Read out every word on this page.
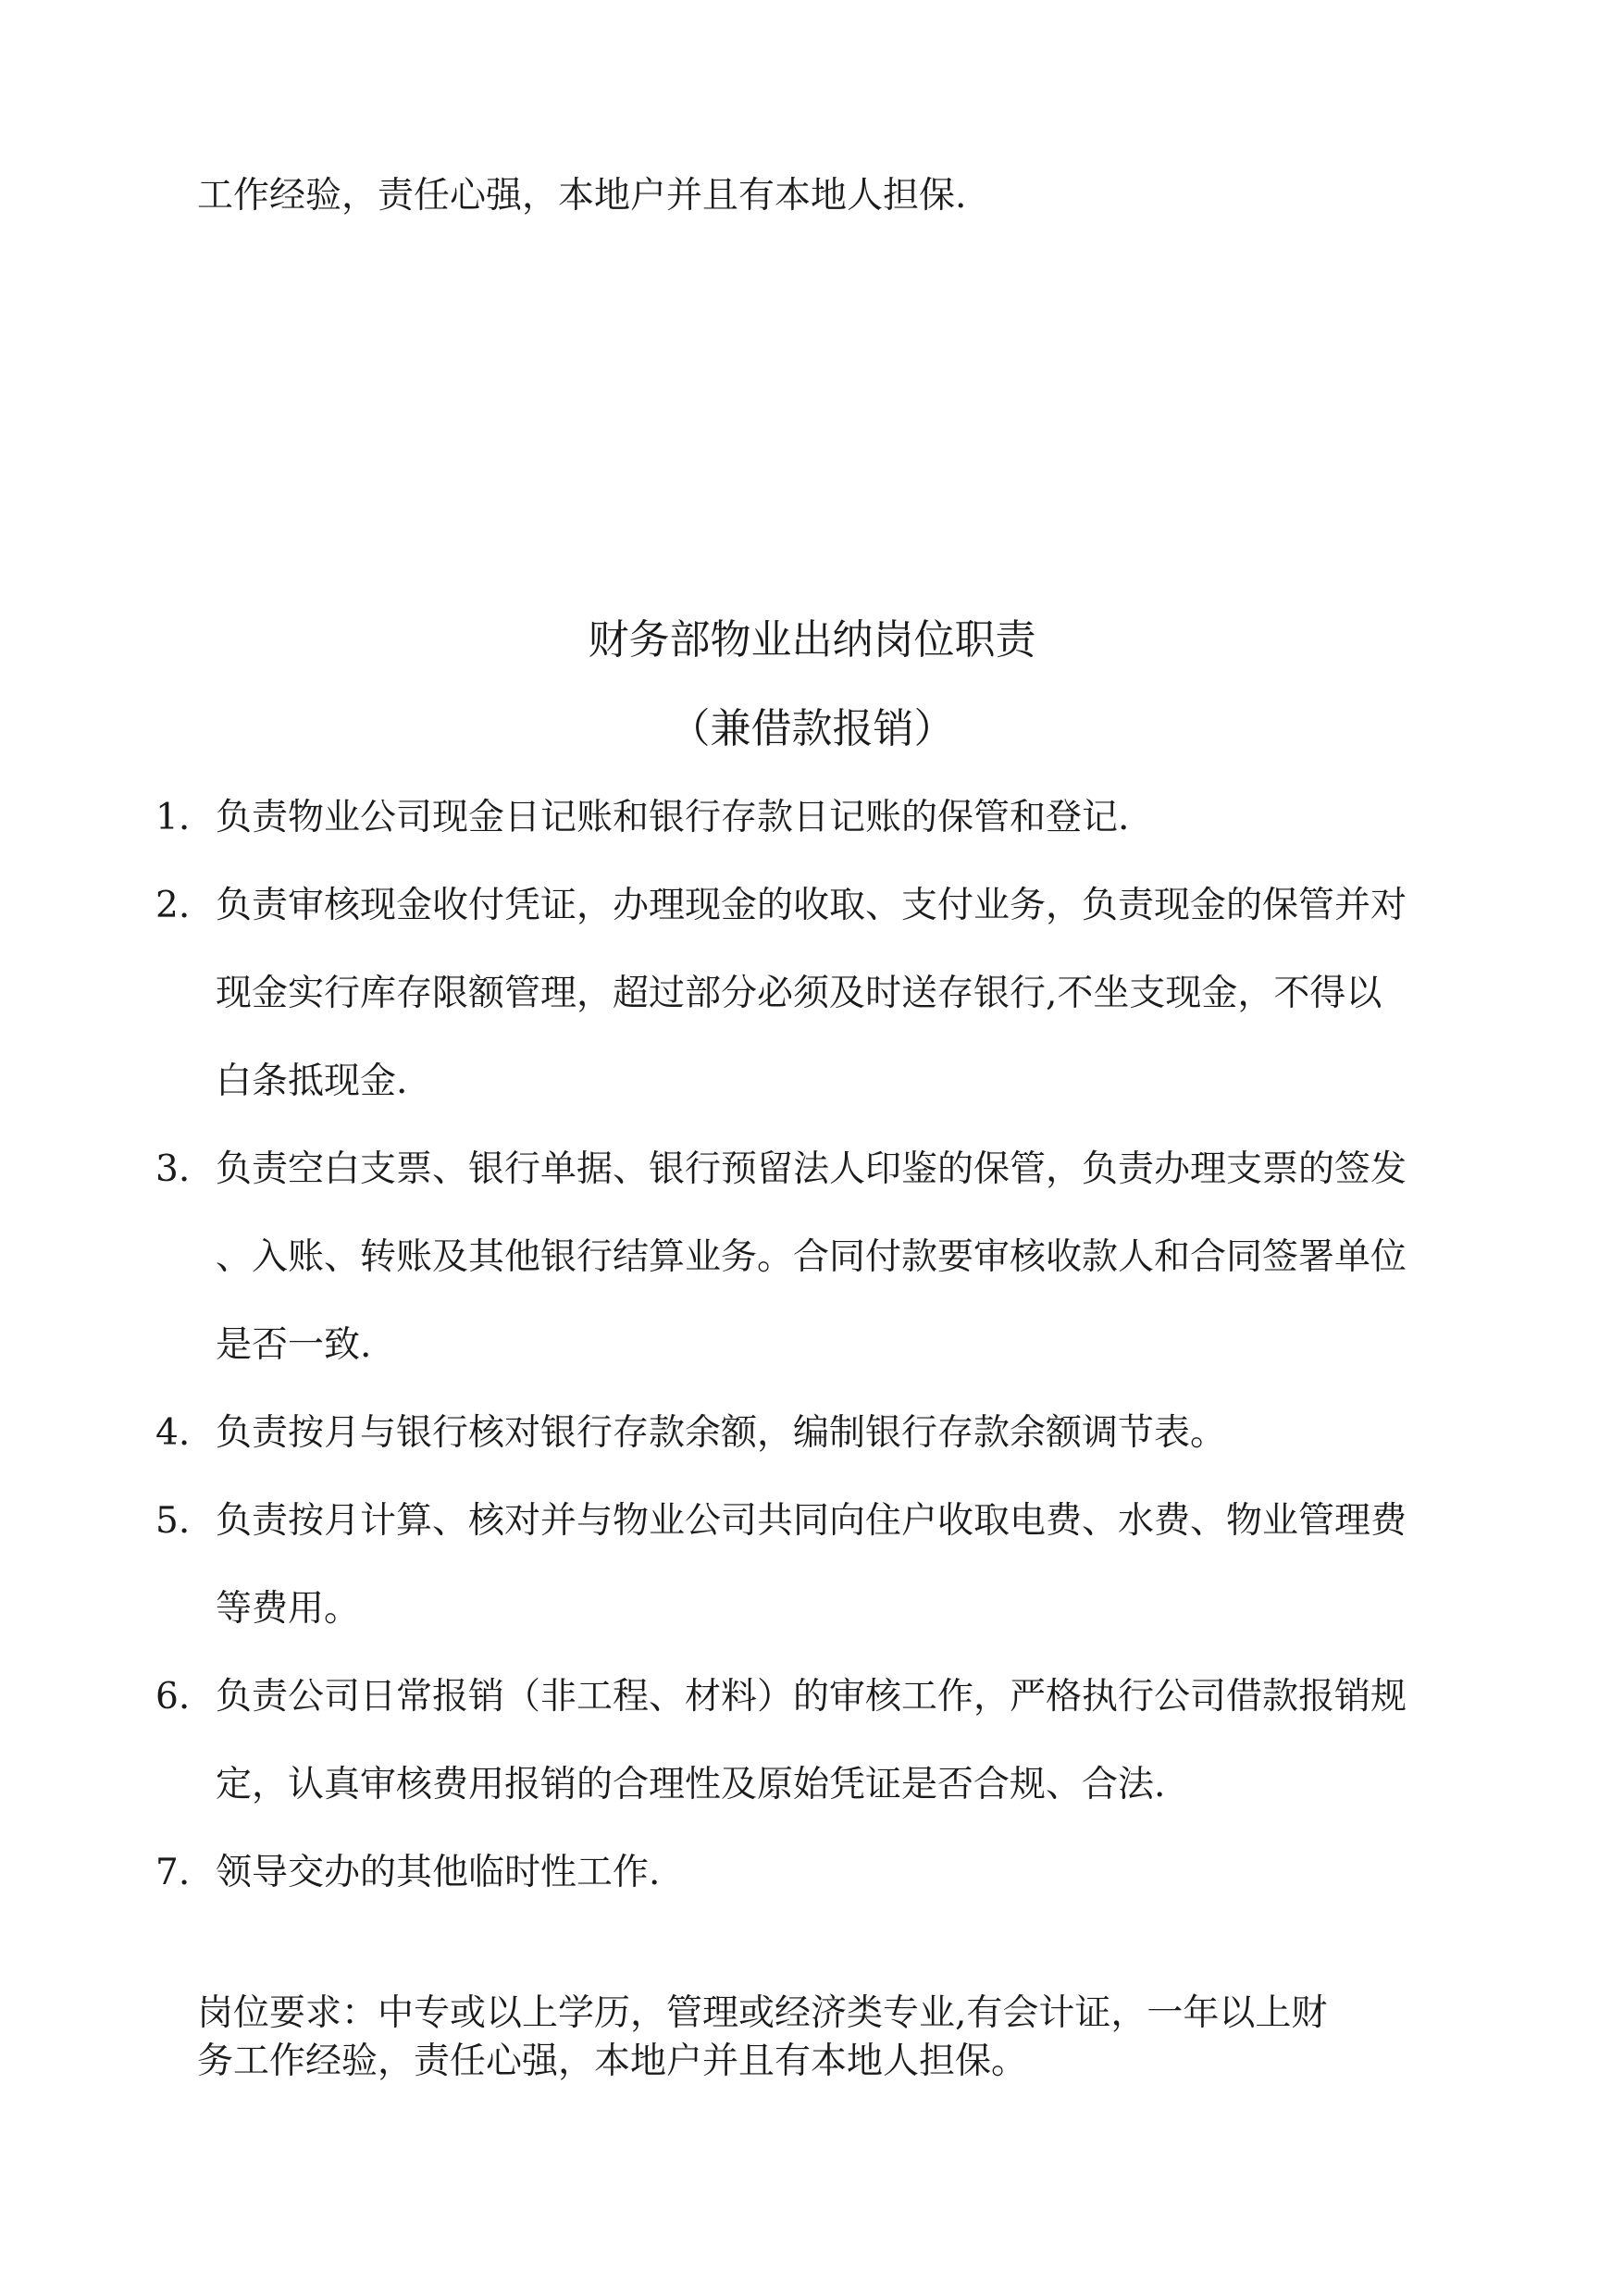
工作经验，责任心强，本地户并且有本地人担保.
财务部物业出纳岗位职责
（兼借款报销）
1. 负责物业公司现金日记账和银行存款日记账的保管和登记.
2. 负责审核现金收付凭证，办理现金的收取、支付业务，负责现金的保管并对
现金实行库存限额管理，超过部分必须及时送存银行,不坐支现金，不得以
白条抵现金.
3. 负责空白支票、银行单据、银行预留法人印鉴的保管，负责办理支票的签发
、入账、转账及其他银行结算业务。合同付款要审核收款人和合同签署单位
是否一致.
4. 负责按月与银行核对银行存款余额，编制银行存款余额调节表。
5. 负责按月计算、核对并与物业公司共同向住户收取电费、水费、物业管理费
等费用。
6. 负责公司日常报销（非工程、材料）的审核工作，严格执行公司借款报销规
定，认真审核费用报销的合理性及原始凭证是否合规、合法.
7. 领导交办的其他临时性工作.
岗位要求：中专或以上学历，管理或经济类专业,有会计证，一年以上财
务工作经验，责任心强，本地户并且有本地人担保。
